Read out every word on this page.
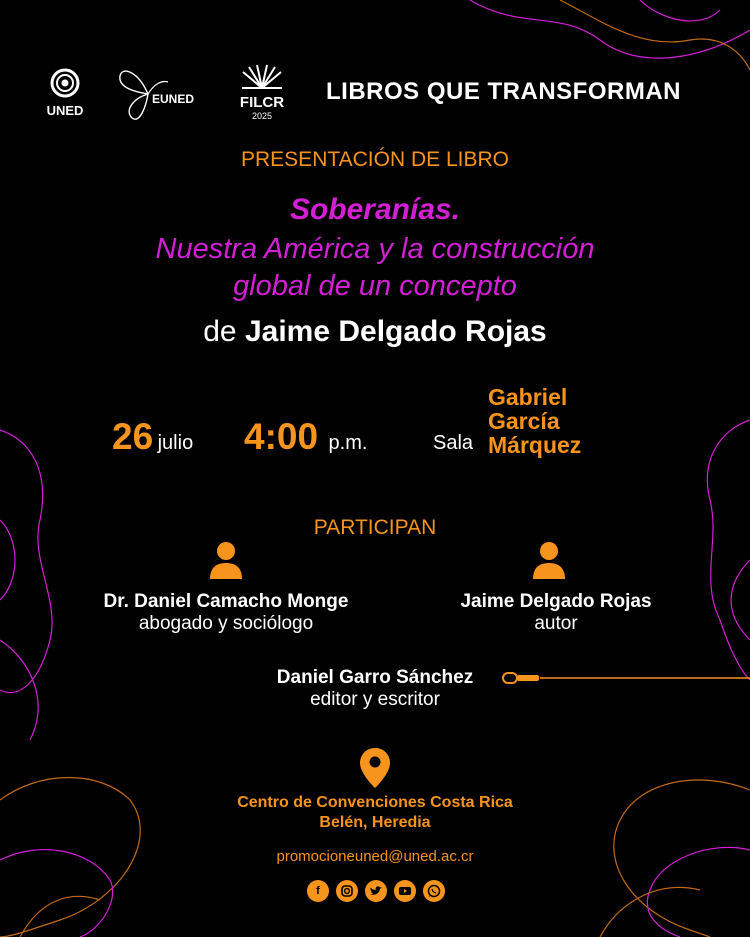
UNED
EUNED	FILCR
2025
LIBROS QUE TRANSFORMAN
PRESENTACIÓN DE LIBRO
Soberanías.
Nuestra América y la construcción
global de un concepto
de Jaime Delgado Rojas
26 julio 4:00 p.m.	Sala
Gabriel
García
Márquez
PARTICIPAN
Dr. Daniel Camacho Monge
abogado y sociólogo
Jaime Delgado Rojas
autor
Daniel Garro Sánchez
editor y escritor
Centro de Convenciones Costa Rica
Belén, Heredia
promocioneuned@uned.ac.cr
f
